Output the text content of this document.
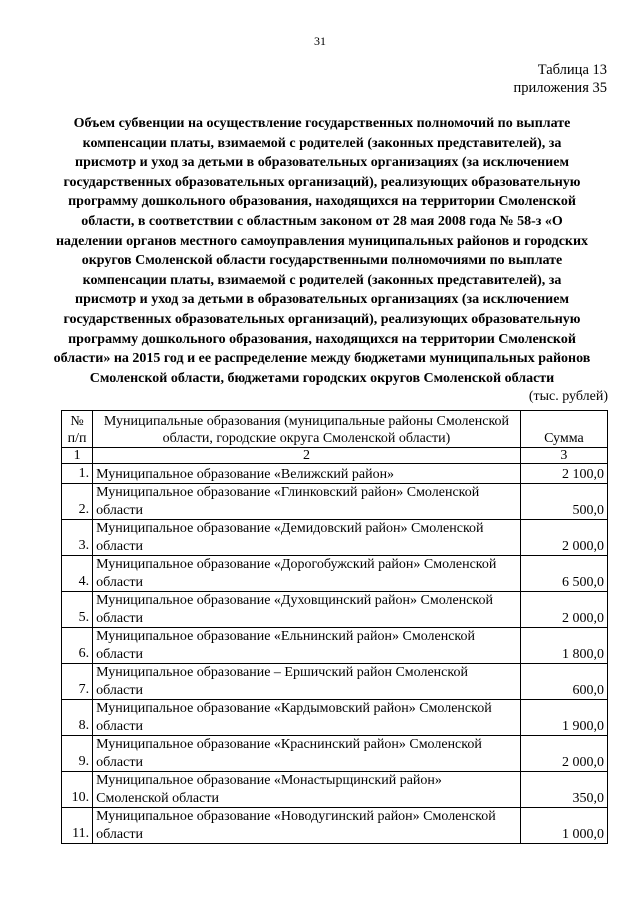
31
Таблица 13
приложения 35

Объем субвенции на осуществление государственных полномочий по выплате компенсации платы, взимаемой с родителей (законных представителей), за присмотр и уход за детьми в образовательных организациях (за исключением государственных образовательных организаций), реализующих образовательную программу дошкольного образования, находящихся на территории Смоленской области, в соответствии с областным законом от 28 мая 2008 года № 58-з «О наделении органов местного самоуправления муниципальных районов и городских округов Смоленской области государственными полномочиями по выплате компенсации платы, взимаемой с родителей (законных представителей), за присмотр и уход за детьми в образовательных организациях (за исключением государственных образовательных организаций), реализующих образовательную программу дошкольного образования, находящихся на территории Смоленской области» на 2015 год и ее распределение между бюджетами муниципальных районов Смоленской области, бюджетами городских округов Смоленской области

(тыс. рублей)
№ п/п	Муниципальные образования (муниципальные районы Смоленской области, городские округа Смоленской области)	Сумма
1	2	3
1.	Муниципальное образование «Велижский район»	2 100,0
2.	Муниципальное образование «Глинковский район» Смоленской области	500,0
3.	Муниципальное образование «Демидовский район» Смоленской области	2 000,0
4.	Муниципальное образование «Дорогобужский район» Смоленской области	6 500,0
5.	Муниципальное образование «Духовщинский район» Смоленской области	2 000,0
6.	Муниципальное образование «Ельнинский район» Смоленской области	1 800,0
7.	Муниципальное образование – Ершичский район Смоленской области	600,0
8.	Муниципальное образование «Кардымовский район» Смоленской области	1 900,0
9.	Муниципальное образование «Краснинский район» Смоленской области	2 000,0
10.	Муниципальное образование «Монастырщинский район» Смоленской области	350,0
11.	Муниципальное образование «Новодугинский район» Смоленской области	1 000,0
